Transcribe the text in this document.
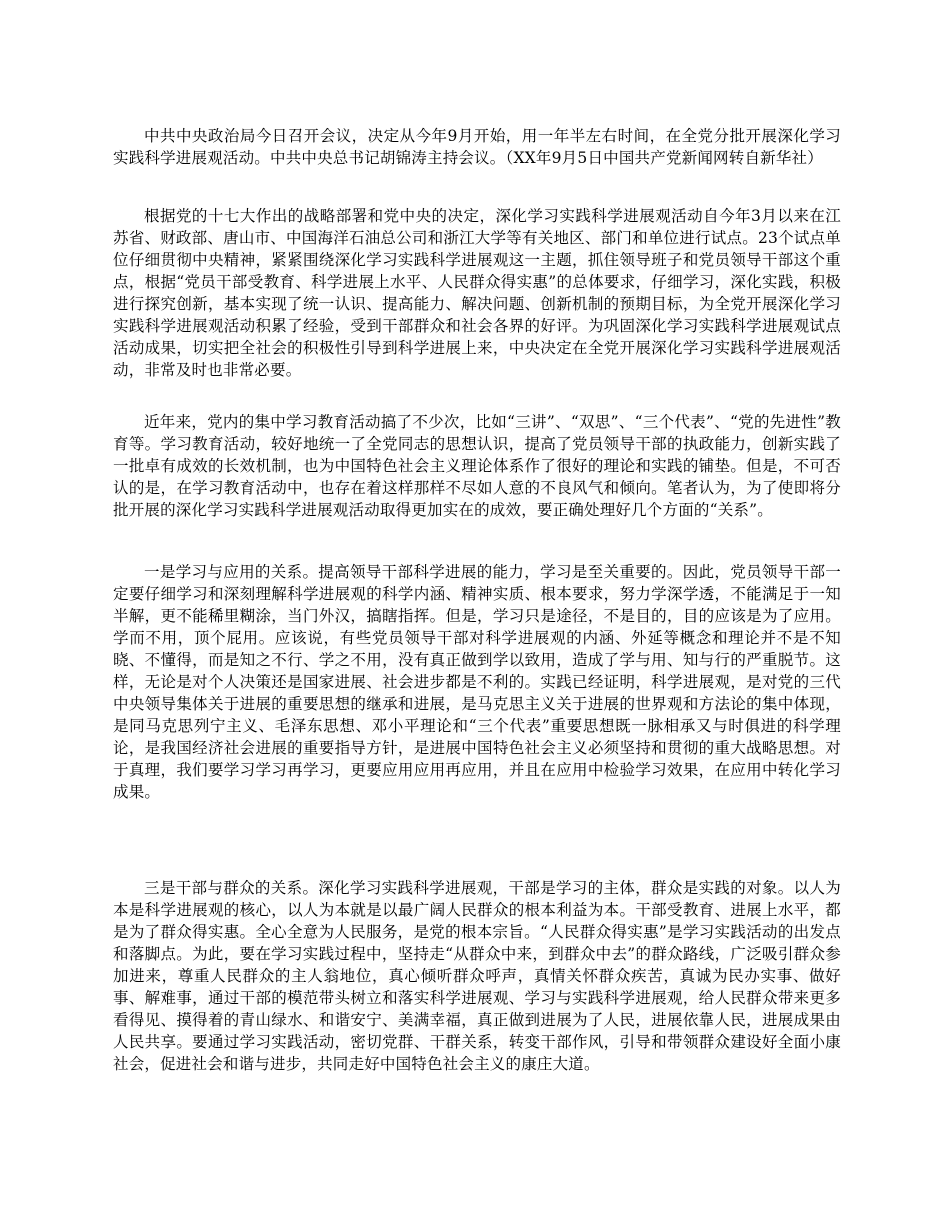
中共中央政治局今日召开会议，决定从今年9月开始，用一年半左右时间，在全党分批开展深化学习实践科学进展观活动。中共中央总书记胡锦涛主持会议。（XX年9月5日中国共产党新闻网转自新华社）

根据党的十七大作出的战略部署和党中央的决定，深化学习实践科学进展观活动自今年3月以来在江苏省、财政部、唐山市、中国海洋石油总公司和浙江大学等有关地区、部门和单位进行试点。23个试点单位仔细贯彻中央精神，紧紧围绕深化学习实践科学进展观这一主题，抓住领导班子和党员领导干部这个重点，根据“党员干部受教育、科学进展上水平、人民群众得实惠”的总体要求，仔细学习，深化实践，积极进行探究创新，基本实现了统一认识、提高能力、解决问题、创新机制的预期目标，为全党开展深化学习实践科学进展观活动积累了经验，受到干部群众和社会各界的好评。为巩固深化学习实践科学进展观试点活动成果，切实把全社会的积极性引导到科学进展上来，中央决定在全党开展深化学习实践科学进展观活动，非常及时也非常必要。

近年来，党内的集中学习教育活动搞了不少次，比如“三讲”、“双思”、“三个代表”、“党的先进性”教育等。学习教育活动，较好地统一了全党同志的思想认识，提高了党员领导干部的执政能力，创新实践了一批卓有成效的长效机制，也为中国特色社会主义理论体系作了很好的理论和实践的铺垫。但是，不可否认的是，在学习教育活动中，也存在着这样那样不尽如人意的不良风气和倾向。笔者认为，为了使即将分批开展的深化学习实践科学进展观活动取得更加实在的成效，要正确处理好几个方面的“关系”。

一是学习与应用的关系。提高领导干部科学进展的能力，学习是至关重要的。因此，党员领导干部一定要仔细学习和深刻理解科学进展观的科学内涵、精神实质、根本要求，努力学深学透，不能满足于一知半解，更不能稀里糊涂，当门外汉，搞瞎指挥。但是，学习只是途径，不是目的，目的应该是为了应用。学而不用，顶个屁用。应该说，有些党员领导干部对科学进展观的内涵、外延等概念和理论并不是不知晓、不懂得，而是知之不行、学之不用，没有真正做到学以致用，造成了学与用、知与行的严重脱节。这样，无论是对个人决策还是国家进展、社会进步都是不利的。实践已经证明，科学进展观，是对党的三代中央领导集体关于进展的重要思想的继承和进展，是马克思主义关于进展的世界观和方法论的集中体现，是同马克思列宁主义、毛泽东思想、邓小平理论和“三个代表”重要思想既一脉相承又与时俱进的科学理论，是我国经济社会进展的重要指导方针，是进展中国特色社会主义必须坚持和贯彻的重大战略思想。对于真理，我们要学习学习再学习，更要应用应用再应用，并且在应用中检验学习效果，在应用中转化学习成果。

三是干部与群众的关系。深化学习实践科学进展观，干部是学习的主体，群众是实践的对象。以人为本是科学进展观的核心，以人为本就是以最广阔人民群众的根本利益为本。干部受教育、进展上水平，都是为了群众得实惠。全心全意为人民服务，是党的根本宗旨。“人民群众得实惠”是学习实践活动的出发点和落脚点。为此，要在学习实践过程中，坚持走“从群众中来，到群众中去”的群众路线，广泛吸引群众参加进来，尊重人民群众的主人翁地位，真心倾听群众呼声，真情关怀群众疾苦，真诚为民办实事、做好事、解难事，通过干部的模范带头树立和落实科学进展观、学习与实践科学进展观，给人民群众带来更多看得见、摸得着的青山绿水、和谐安宁、美满幸福，真正做到进展为了人民，进展依靠人民，进展成果由人民共享。要通过学习实践活动，密切党群、干群关系，转变干部作风，引导和带领群众建设好全面小康社会，促进社会和谐与进步，共同走好中国特色社会主义的康庄大道。
